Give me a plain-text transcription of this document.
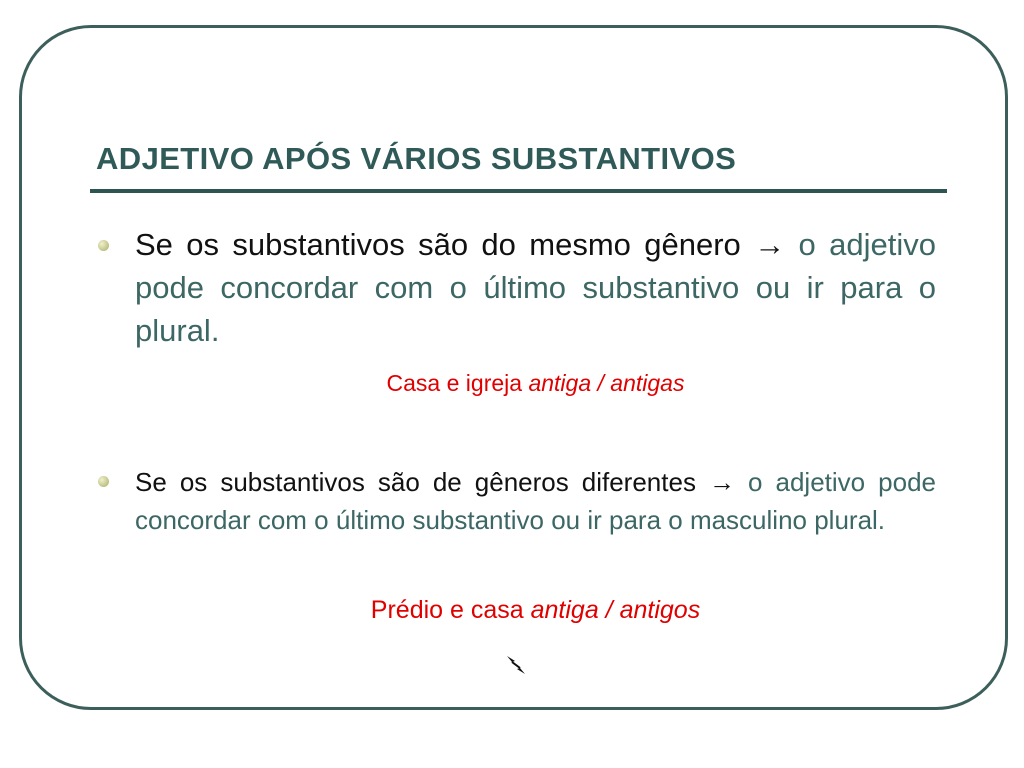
ADJETIVO APÓS VÁRIOS SUBSTANTIVOS
Se os substantivos são do mesmo gênero → o adjetivo pode concordar com o último substantivo ou ir para o plural.
Casa e igreja antiga / antigas
Se os substantivos são de gêneros diferentes → o adjetivo pode concordar com o último substantivo ou ir para o masculino plural.
Prédio e casa antiga / antigos
